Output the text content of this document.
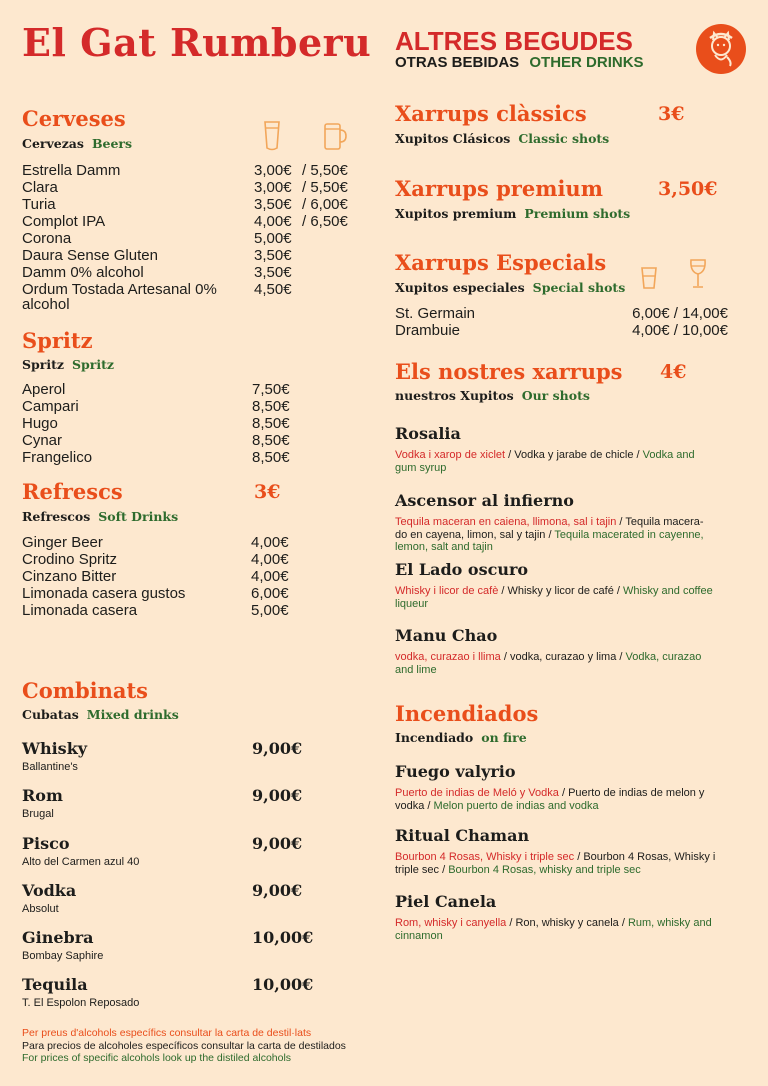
El Gat Rumberu ALTRES BEGUDES
OTRAS BEBIDAS OTHER DRINKS
Cerveses
Cervezas Beers
Estrella Damm	3,00€ / 5,50€
Clara	3,00€ / 5,50€
Turia	3,50€ / 6,00€
Complot IPA	4,00€ / 6,50€
Corona	5,00€
Daura Sense Gluten	3,50€
Damm 0% alcohol	3,50€
Ordum Tostada Artesanal 0%
alcohol
4,50€
Spritz
Spritz Spritz
Aperol	7,50€
Campari	8,50€
Hugo	8,50€
Cynar	8,50€
Frangelico	8,50€
Refrescs	3€
Refrescos Soft Drinks
Ginger Beer	4,00€
Crodino Spritz	4,00€
Cinzano Bitter	4,00€
Limonada casera gustos	6,00€
Limonada casera	5,00€
Combinats
Cubatas Mixed drinks
Whisky
Ballantine's
9,00€
Rom
Brugal
9,00€
Pisco
Alto del Carmen azul 40
9,00€
Vodka
Absolut
9,00€
Ginebra
Bombay Saphire
10,00€
Tequila
T. El Espolon Reposado
10,00€
Per preus d'alcohols específics consultar la carta de destil·lats
Para precios de alcoholes específicos consultar la carta de destilados
For prices of specific alcohols look up the distiled alcohols
Xarrups clàssics	3€
Xupitos Clásicos Classic shots
Xarrups premium	3,50€
Xupitos premium Premium shots
Xarrups Especials
Xupitos especiales Special shots
St. Germain	6,00€ / 14,00€
Drambuie	4,00€ / 10,00€
Els nostres xarrups 4€
nuestros Xupitos Our shots
Rosalia
Vodka i xarop de xiclet / Vodka y jarabe de chicle / Vodka and
gum syrup
Ascensor al infierno
Tequila maceran en caiena, llimona, sal i tajin / Tequila macera-
do en cayena, limon, sal y tajin / Tequila macerated in cayenne,
lemon, salt and tajin
El Lado oscuro
Whisky i licor de cafè / Whisky y licor de café / Whisky and coffee
liqueur
Manu Chao
vodka, curazao i llima / vodka, curazao y lima / Vodka, curazao
and lime
Incendiados
Incendiado on fire
Fuego valyrio
Puerto de indias de Meló y Vodka / Puerto de indias de melon y vodka / Melon puerto de indias and vodka
Ritual Chaman
Bourbon 4 Rosas, Whisky i triple sec / Bourbon 4 Rosas, Whisky i
triple sec / Bourbon 4 Rosas, whisky and triple sec
Piel Canela
Rom, whisky i canyella / Ron, whisky y canela / Rum, whisky and
cinnamon
